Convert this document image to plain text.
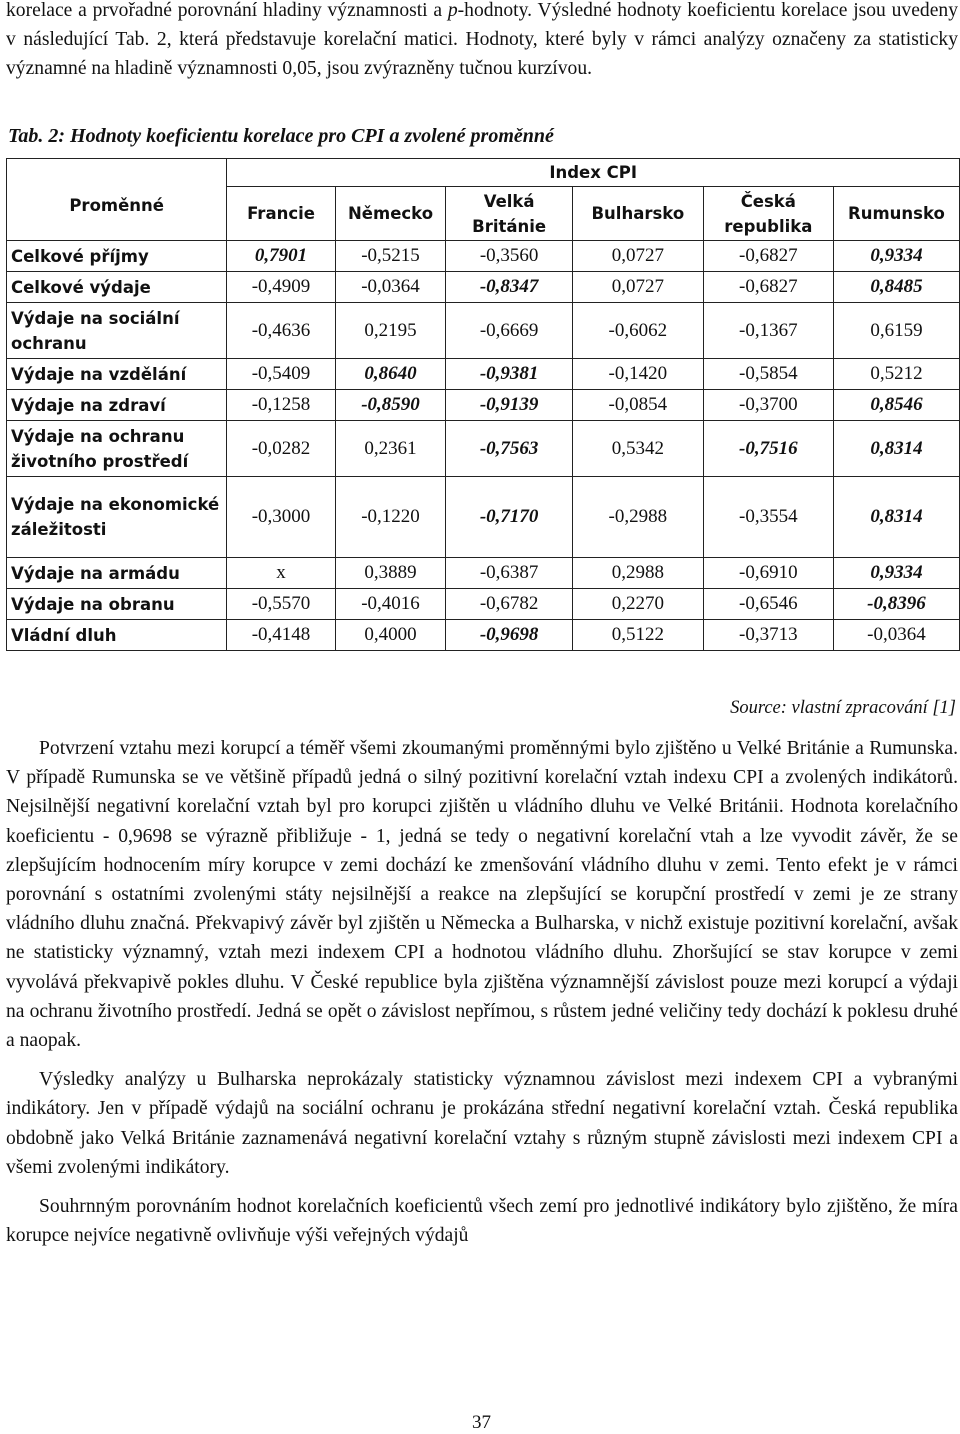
korelace a prvořadné porovnání hladiny významnosti a p-hodnoty. Výsledné hodnoty koeficientu korelace jsou uvedeny v následující Tab. 2, která představuje korelační matici. Hodnoty, které byly v rámci analýzy označeny za statisticky významné na hladině významnosti 0,05, jsou zvýrazněny tučnou kurzívou.

Tab. 2: Hodnoty koeficientu korelace pro CPI a zvolené proměnné
Proměnné	Index CPI					
	Francie	Německo	Velká Británie	Bulharsko	Česká republika	Rumunsko
Celkové příjmy	0,7901	-0,5215	-0,3560	0,0727	-0,6827	0,9334
Celkové výdaje	-0,4909	-0,0364	-0,8347	0,0727	-0,6827	0,8485
Výdaje na sociální ochranu	-0,4636	0,2195	-0,6669	-0,6062	-0,1367	0,6159
Výdaje na vzdělání	-0,5409	0,8640	-0,9381	-0,1420	-0,5854	0,5212
Výdaje na zdraví	-0,1258	-0,8590	-0,9139	-0,0854	-0,3700	0,8546
Výdaje na ochranu životního prostředí	-0,0282	0,2361	-0,7563	0,5342	-0,7516	0,8314
Výdaje na ekonomické záležitosti	-0,3000	-0,1220	-0,7170	-0,2988	-0,3554	0,8314
Výdaje na armádu	x	0,3889	-0,6387	0,2988	-0,6910	0,9334
Výdaje na obranu	-0,5570	-0,4016	-0,6782	0,2270	-0,6546	-0,8396
Vládní dluh	-0,4148	0,4000	-0,9698	0,5122	-0,3713	-0,0364
Source: vlastní zpracování [1]

Potvrzení vztahu mezi korupcí a téměř všemi zkoumanými proměnnými bylo zjištěno u Velké Británie a Rumunska. V případě Rumunska se ve většině případů jedná o silný pozitivní korelační vztah indexu CPI a zvolených indikátorů. Nejsilnější negativní korelační vztah byl pro korupci zjištěn u vládního dluhu ve Velké Británii. Hodnota korelačního koeficientu - 0,9698 se výrazně přibližuje - 1, jedná se tedy o negativní korelační vtah a lze vyvodit závěr, že se zlepšujícím hodnocením míry korupce v zemi dochází ke zmenšování vládního dluhu v zemi. Tento efekt je v rámci porovnání s ostatními zvolenými státy nejsilnější a reakce na zlepšující se korupční prostředí v zemi je ze strany vládního dluhu značná. Překvapivý závěr byl zjištěn u Německa a Bulharska, v nichž existuje pozitivní korelační, avšak ne statisticky významný, vztah mezi indexem CPI a hodnotou vládního dluhu. Zhoršující se stav korupce v zemi vyvolává překvapivě pokles dluhu. V České republice byla zjištěna významnější závislost pouze mezi korupcí a výdaji na ochranu životního prostředí. Jedná se opět o závislost nepřímou, s růstem jedné veličiny tedy dochází k poklesu druhé a naopak.

Výsledky analýzy u Bulharska neprokázaly statisticky významnou závislost mezi indexem CPI a vybranými indikátory. Jen v případě výdajů na sociální ochranu je prokázána střední negativní korelační vztah. Česká republika obdobně jako Velká Británie zaznamenává negativní korelační vztahy s různým stupně závislosti mezi indexem CPI a všemi zvolenými indikátory.

Souhrnným porovnáním hodnot korelačních koeficientů všech zemí pro jednotlivé indikátory bylo zjištěno, že míra korupce nejvíce negativně ovlivňuje výši veřejných výdajů

37
